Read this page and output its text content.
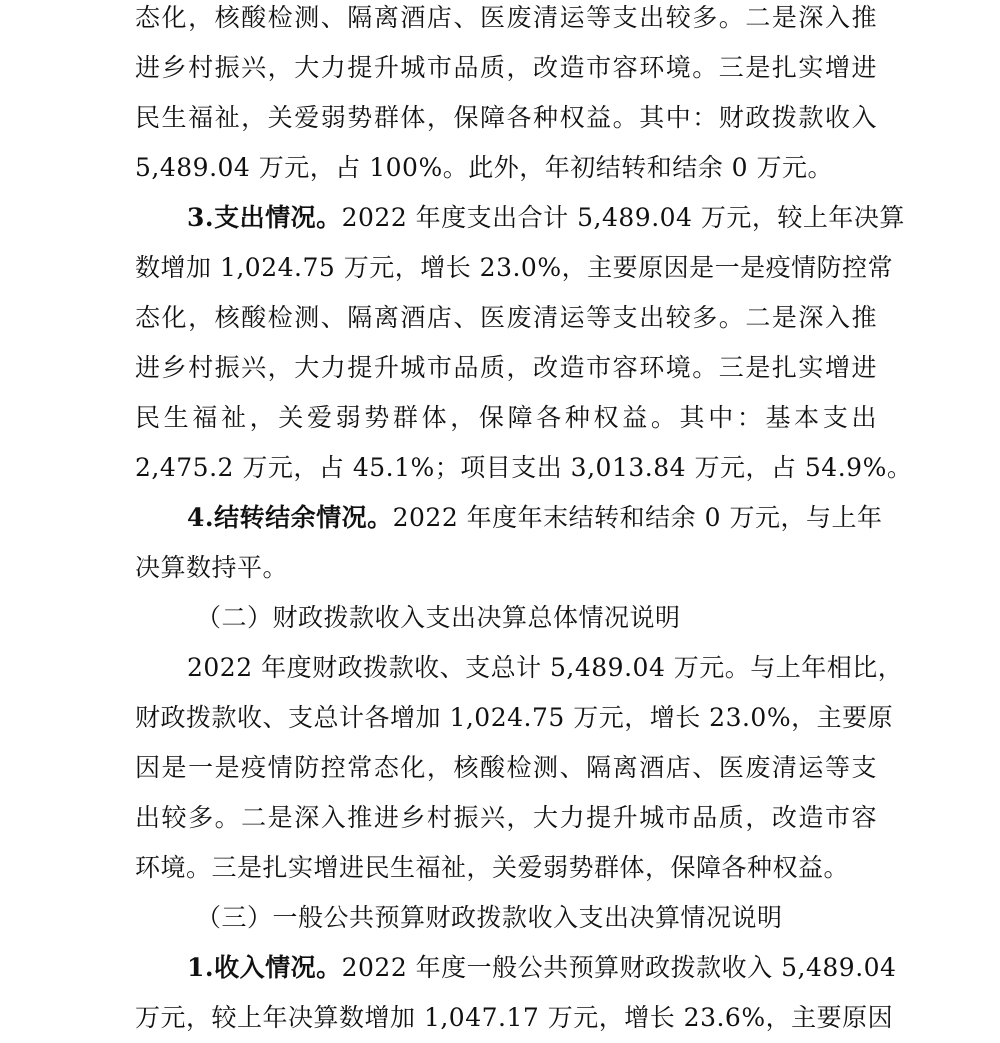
态化，核酸检测、隔离酒店、医废清运等支出较多。二是深入推
进乡村振兴，大力提升城市品质，改造市容环境。三是扎实增进
民生福祉，关爱弱势群体，保障各种权益。其中：财政拨款收入
5,489.04 万元，占 100%。此外，年初结转和结余 0 万元。
3.支出情况。2022 年度支出合计 5,489.04 万元，较上年决算
数增加 1,024.75 万元，增长 23.0%，主要原因是一是疫情防控常
态化，核酸检测、隔离酒店、医废清运等支出较多。二是深入推
进乡村振兴，大力提升城市品质，改造市容环境。三是扎实增进
民生福祉，关爱弱势群体，保障各种权益。其中：基本支出
2,475.2 万元，占 45.1%；项目支出 3,013.84 万元，占 54.9%。
4.结转结余情况。2022 年度年末结转和结余 0 万元，与上年
决算数持平。
（二）财政拨款收入支出决算总体情况说明
2022 年度财政拨款收、支总计 5,489.04 万元。与上年相比，
财政拨款收、支总计各增加 1,024.75 万元，增长 23.0%，主要原
因是一是疫情防控常态化，核酸检测、隔离酒店、医废清运等支
出较多。二是深入推进乡村振兴，大力提升城市品质，改造市容
环境。三是扎实增进民生福祉，关爱弱势群体，保障各种权益。
（三）一般公共预算财政拨款收入支出决算情况说明
1.收入情况。2022 年度一般公共预算财政拨款收入 5,489.04
万元，较上年决算数增加 1,047.17 万元，增长 23.6%，主要原因
